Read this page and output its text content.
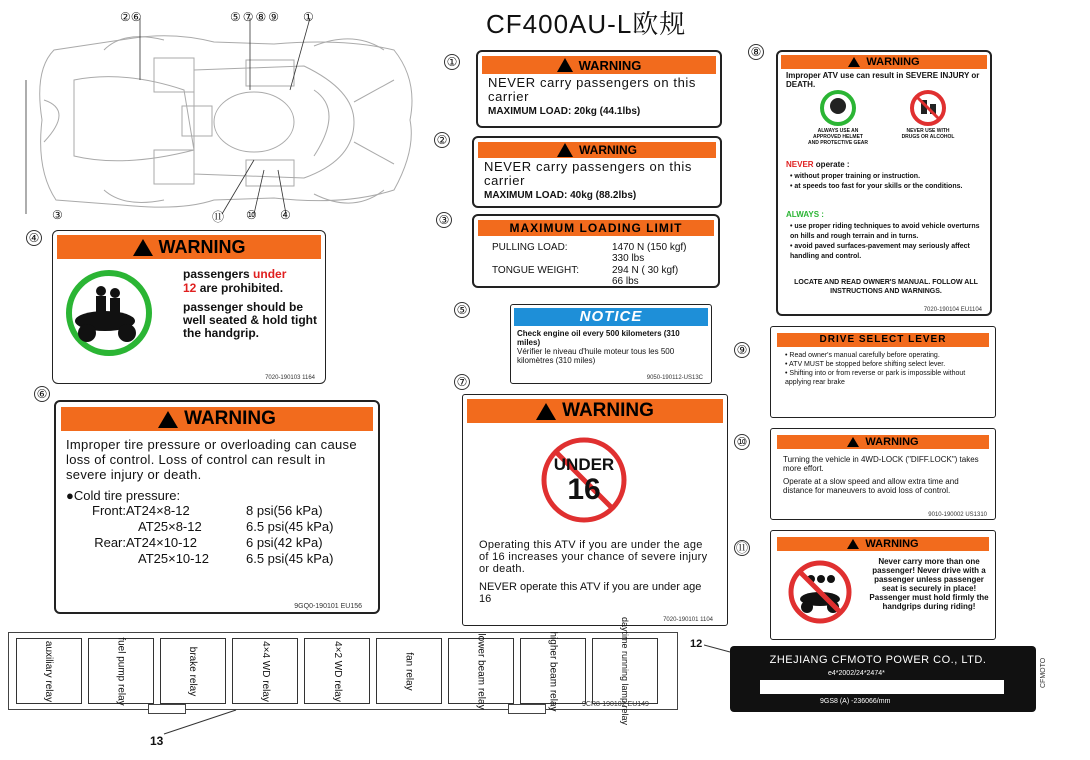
CF400AU-L欧规
②⑥	⑤⑦⑧⑨ ①
③	⑪ ⑩ ④
①	WARNING
NEVER carry passengers on this carrier
MAXIMUM LOAD: 20kg (44.1lbs)
②
WARNING
NEVER carry passengers on this carrier
MAXIMUM LOAD: 40kg (88.2lbs)
③
MAXIMUM LOADING LIMIT
PULLING LOAD:	1470 N (150 kgf)
330 lbs
TONGUE WEIGHT:	294 N ( 30 kgf)
66 lbs
④	WARNING
passengers under
12 are prohibited.
passenger should be well seated & hold tight the handgrip.
7020-190103 1164
⑤	NOTICE
Check engine oil every 500 kilometers (310 miles)
Vérifier le niveau d'huile moteur tous les 500 kilomètres (310 miles)
9050-190112-US13C
⑥
WARNING
Improper tire pressure or overloading can cause loss of control. Loss of control can result in severe injury or death.
●Cold tire pressure:
Front: AT24×8-12	8 psi(56 kPa)
AT25×8-12	6.5 psi(45 kPa)
Rear: AT24×10-12	6 psi(42 kPa)
AT25×10-12	6.5 psi(45 kPa)
9GQ0-190101 EU156
⑦
WARNING
UNDER
16
Operating this ATV if you are under the age of 16 increases your chance of severe injury or death.
NEVER operate this ATV if you are under age 16
7020-190101 1104
⑧
WARNING
Improper ATV use can result in SEVERE INJURY or DEATH.
ALWAYS USE AN APPROVED HELMET AND PROTECTIVE GEAR
NEVER USE WITH DRUGS OR ALCOHOL
NEVER operate :
• without proper training or instruction.
• at speeds too fast for your skills or the conditions.
ALWAYS :
• use proper riding techniques to avoid vehicle overturns on hills and rough terrain and in turns.
• avoid paved surfaces-pavement may seriously affect handling and control.
LOCATE AND READ OWNER'S MANUAL. FOLLOW ALL INSTRUCTIONS AND WARNINGS.
7020-190104 EU1104
⑨
DRIVE SELECT LEVER
• Read owner's manual carefully before operating.
• ATV MUST be stopped before shifting select lever.
• Shifting into or from reverse or park is impossible without applying rear brake
⑩	WARNING
Turning the vehicle in 4WD-LOCK ("DIFF.LOCK") takes more effort.
Operate at a slow speed and allow extra time and distance for maneuvers to avoid loss of control.
9010-190002 US1310
⑪	WARNING
Never carry more than one passenger! Never drive with a passenger unless passenger seat is securely in place! Passenger must hold firmly the handgrips during riding!
12
ZHEJIANG CFMOTO POWER CO., LTD.
e4*2002/24*2474*
9GS8 (A) -236066/mm
CFMOTO
auxiliary relay	fuel pump relay	brake relay	4×4 WD relay	4×2 WD relay	fan relay	lower beam relay	higher beam relay	daytime running lamp relay
9CR8-190102 EU149
13
